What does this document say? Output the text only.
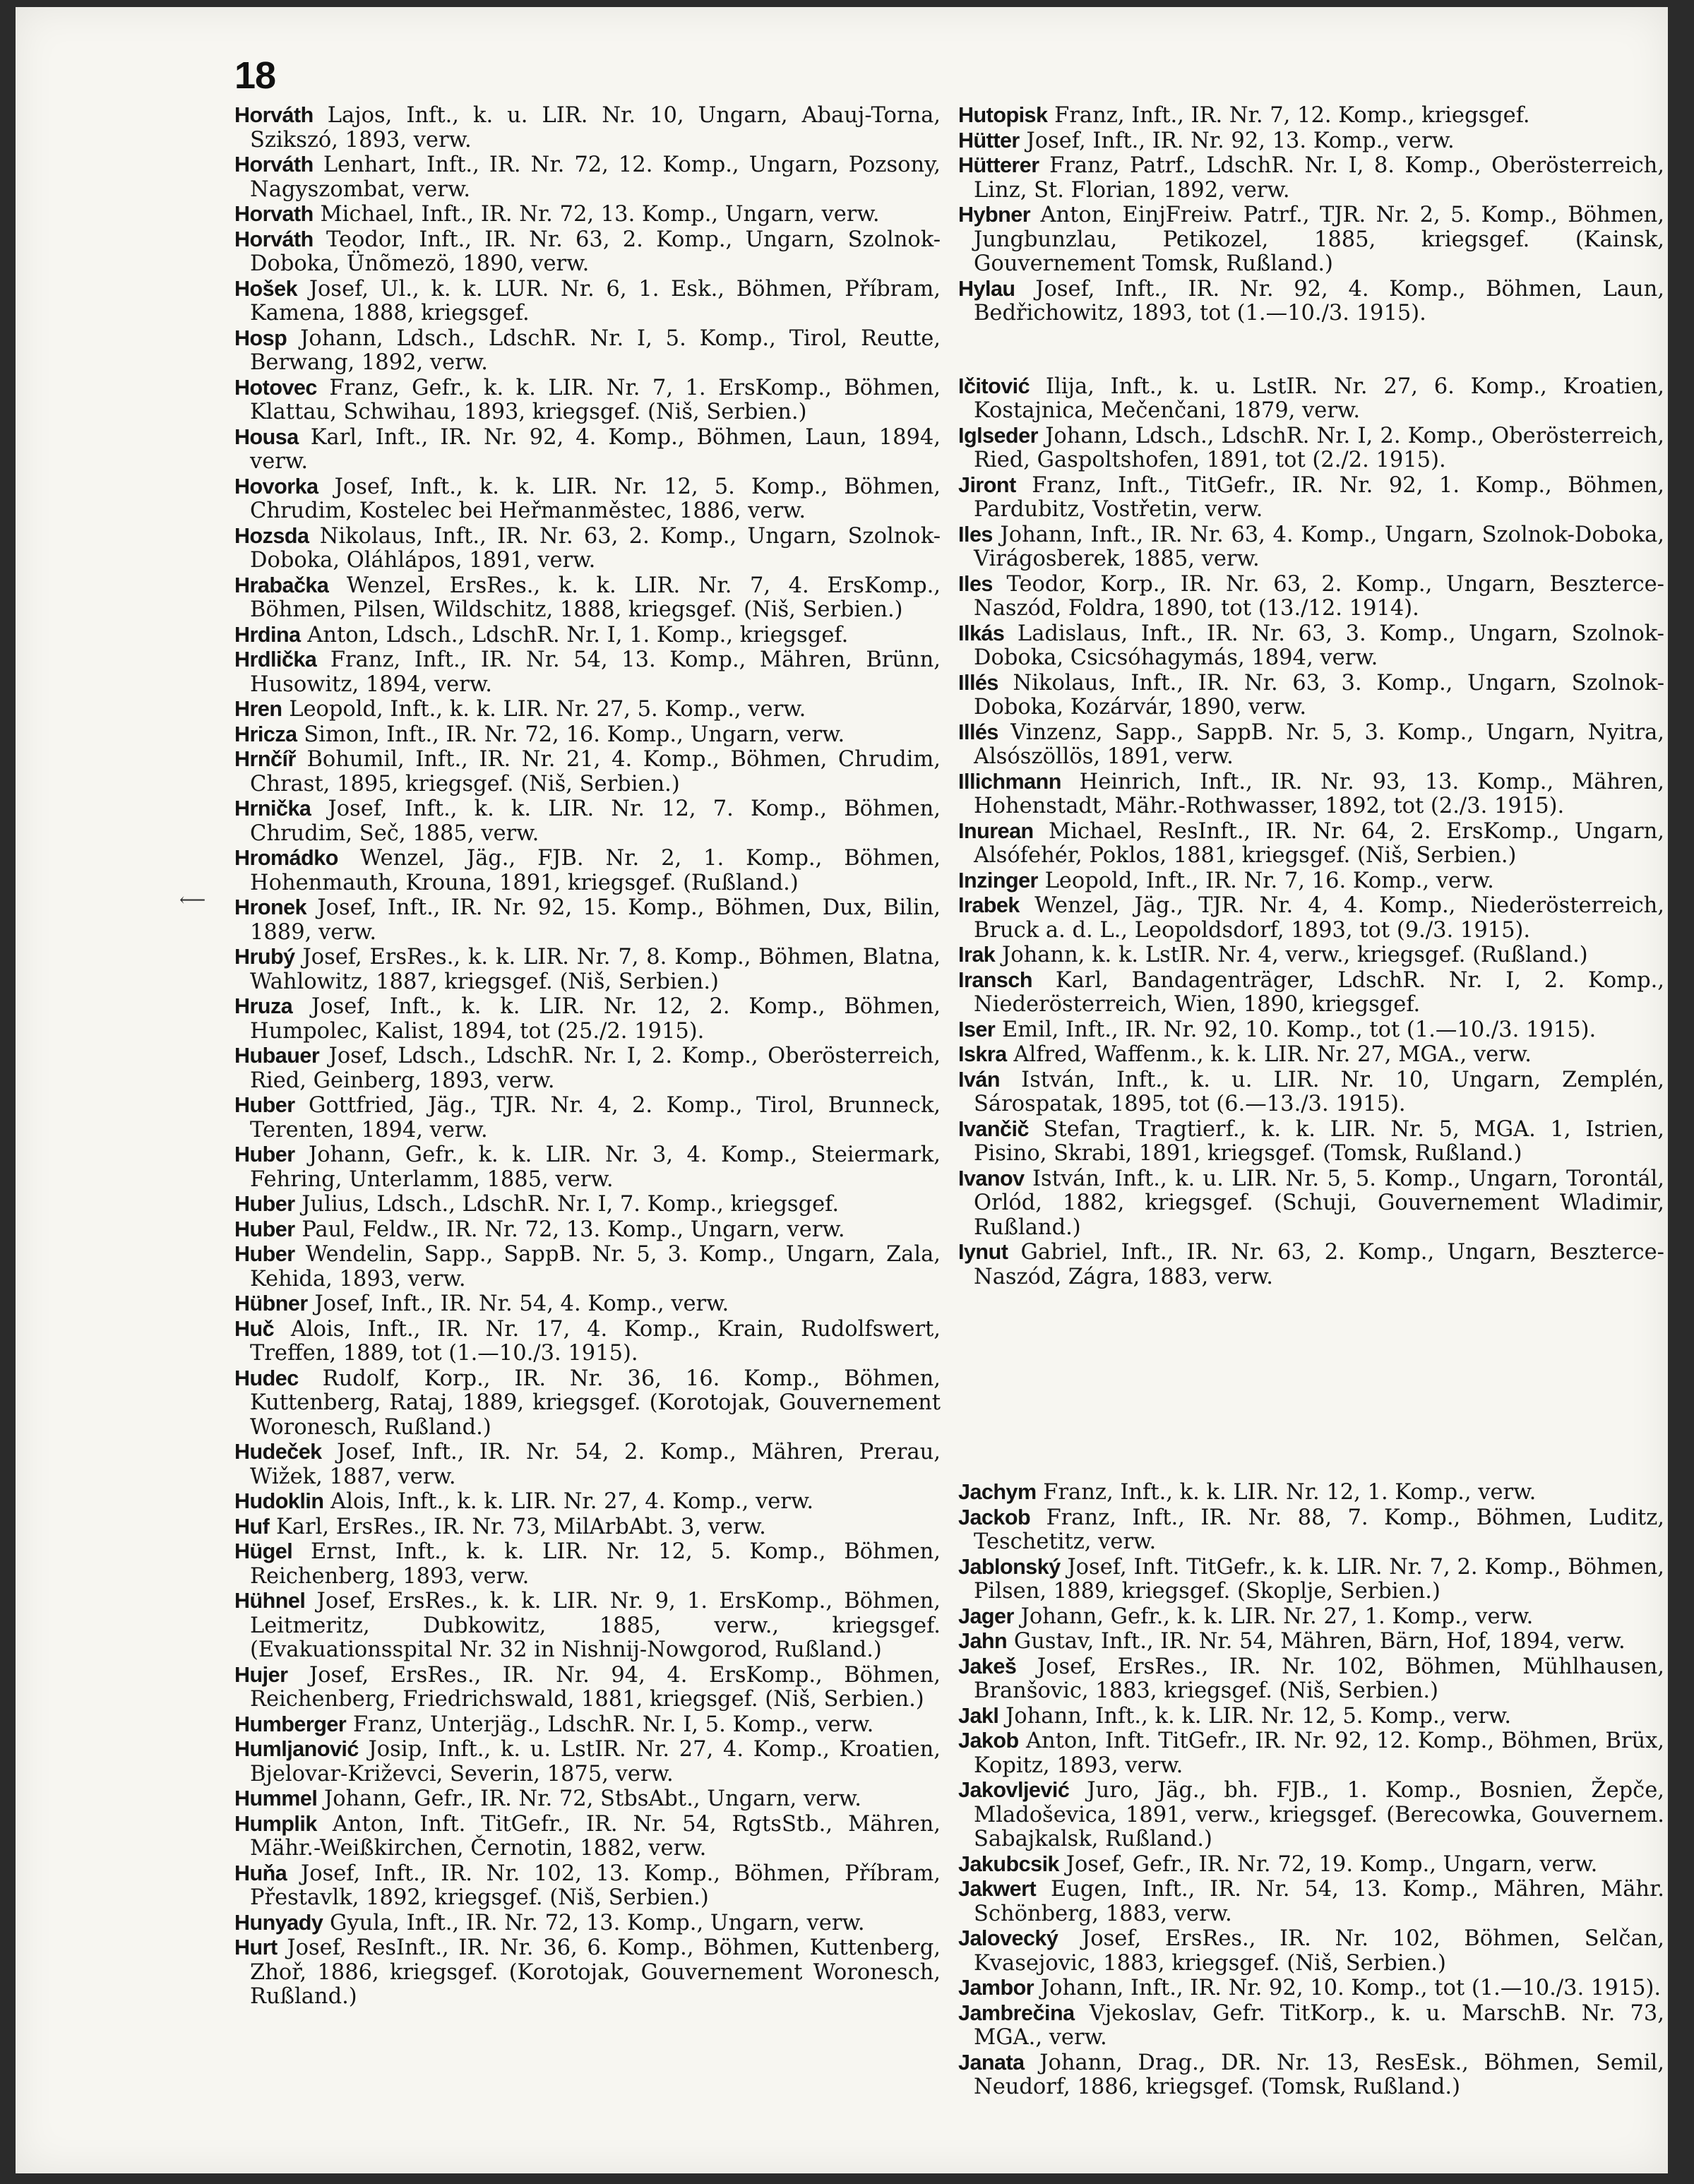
18

Horváth Lajos, Inft., k. u. LIR. Nr. 10, Ungarn, Abauj-Torna, Szikszó, 1893, verw.

Horváth Lenhart, Inft., IR. Nr. 72, 12. Komp., Ungarn, Pozsony, Nagyszombat, verw.

Horvath Michael, Inft., IR. Nr. 72, 13. Komp., Ungarn, verw.

Horváth Teodor, Inft., IR. Nr. 63, 2. Komp., Ungarn, Szolnok-Doboka, Ünõmezö, 1890, verw.

Hošek Josef, Ul., k. k. LUR. Nr. 6, 1. Esk., Böhmen, Příbram, Kamena, 1888, kriegsgef.

Hosp Johann, Ldsch., LdschR. Nr. I, 5. Komp., Tirol, Reutte, Berwang, 1892, verw.

Hotovec Franz, Gefr., k. k. LIR. Nr. 7, 1. ErsKomp., Böhmen, Klattau, Schwihau, 1893, kriegsgef. (Niš, Serbien.)

Housa Karl, Inft., IR. Nr. 92, 4. Komp., Böhmen, Laun, 1894, verw.

Hovorka Josef, Inft., k. k. LIR. Nr. 12, 5. Komp., Böhmen, Chrudim, Kostelec bei Heřmanměstec, 1886, verw.

Hozsda Nikolaus, Inft., IR. Nr. 63, 2. Komp., Ungarn, Szolnok-Doboka, Oláhlápos, 1891, verw.

Hrabačka Wenzel, ErsRes., k. k. LIR. Nr. 7, 4. ErsKomp., Böhmen, Pilsen, Wildschitz, 1888, kriegsgef. (Niš, Serbien.)

Hrdina Anton, Ldsch., LdschR. Nr. I, 1. Komp., kriegsgef.

Hrdlička Franz, Inft., IR. Nr. 54, 13. Komp., Mähren, Brünn, Husowitz, 1894, verw.

Hren Leopold, Inft., k. k. LIR. Nr. 27, 5. Komp., verw.

Hricza Simon, Inft., IR. Nr. 72, 16. Komp., Ungarn, verw.

Hrnčíř Bohumil, Inft., IR. Nr. 21, 4. Komp., Böhmen, Chrudim, Chrast, 1895, kriegsgef. (Niš, Serbien.)

Hrnička Josef, Inft., k. k. LIR. Nr. 12, 7. Komp., Böhmen, Chrudim, Seč, 1885, verw.

Hromádko Wenzel, Jäg., FJB. Nr. 2, 1. Komp., Böhmen, Hohenmauth, Krouna, 1891, kriegsgef. (Rußland.)

Hronek Josef, Inft., IR. Nr. 92, 15. Komp., Böhmen, Dux, Bilin, 1889, verw.

Hrubý Josef, ErsRes., k. k. LIR. Nr. 7, 8. Komp., Böhmen, Blatna, Wahlowitz, 1887, kriegsgef. (Niš, Serbien.)

Hruza Josef, Inft., k. k. LIR. Nr. 12, 2. Komp., Böhmen, Humpolec, Kalist, 1894, tot (25./2. 1915).

Hubauer Josef, Ldsch., LdschR. Nr. I, 2. Komp., Oberösterreich, Ried, Geinberg, 1893, verw.

Huber Gottfried, Jäg., TJR. Nr. 4, 2. Komp., Tirol, Brunneck, Terenten, 1894, verw.

Huber Johann, Gefr., k. k. LIR. Nr. 3, 4. Komp., Steiermark, Fehring, Unterlamm, 1885, verw.

Huber Julius, Ldsch., LdschR. Nr. I, 7. Komp., kriegsgef.

Huber Paul, Feldw., IR. Nr. 72, 13. Komp., Ungarn, verw.

Huber Wendelin, Sapp., SappB. Nr. 5, 3. Komp., Ungarn, Zala, Kehida, 1893, verw.

Hübner Josef, Inft., IR. Nr. 54, 4. Komp., verw.

Huč Alois, Inft., IR. Nr. 17, 4. Komp., Krain, Rudolfswert, Treffen, 1889, tot (1.—10./3. 1915).

Hudec Rudolf, Korp., IR. Nr. 36, 16. Komp., Böhmen, Kuttenberg, Rataj, 1889, kriegsgef. (Korotojak, Gouvernement Woronesch, Rußland.)

Hudeček Josef, Inft., IR. Nr. 54, 2. Komp., Mähren, Prerau, Wižek, 1887, verw.

Hudoklin Alois, Inft., k. k. LIR. Nr. 27, 4. Komp., verw.

Huf Karl, ErsRes., IR. Nr. 73, MilArbAbt. 3, verw.

Hügel Ernst, Inft., k. k. LIR. Nr. 12, 5. Komp., Böhmen, Reichenberg, 1893, verw.

Hühnel Josef, ErsRes., k. k. LIR. Nr. 9, 1. ErsKomp., Böhmen, Leitmeritz, Dubkowitz, 1885, verw., kriegsgef. (Evakuationsspital Nr. 32 in Nishnij-Nowgorod, Rußland.)

Hujer Josef, ErsRes., IR. Nr. 94, 4. ErsKomp., Böhmen, Reichenberg, Friedrichswald, 1881, kriegsgef. (Niš, Serbien.)

Humberger Franz, Unterjäg., LdschR. Nr. I, 5. Komp., verw.

Humljanović Josip, Inft., k. u. LstIR. Nr. 27, 4. Komp., Kroatien, Bjelovar-Križevci, Severin, 1875, verw.

Hummel Johann, Gefr., IR. Nr. 72, StbsAbt., Ungarn, verw.

Humplik Anton, Inft. TitGefr., IR. Nr. 54, RgtsStb., Mähren, Mähr.-Weißkirchen, Černotin, 1882, verw.

Huňa Josef, Inft., IR. Nr. 102, 13. Komp., Böhmen, Příbram, Přestavlk, 1892, kriegsgef. (Niš, Serbien.)

Hunyady Gyula, Inft., IR. Nr. 72, 13. Komp., Ungarn, verw.

Hurt Josef, ResInft., IR. Nr. 36, 6. Komp., Böhmen, Kuttenberg, Zhoř, 1886, kriegsgef. (Korotojak, Gouvernement Woronesch, Rußland.)

Hutopisk Franz, Inft., IR. Nr. 7, 12. Komp., kriegsgef.

Hütter Josef, Inft., IR. Nr. 92, 13. Komp., verw.

Hütterer Franz, Patrf., LdschR. Nr. I, 8. Komp., Oberösterreich, Linz, St. Florian, 1892, verw.

Hybner Anton, EinjFreiw. Patrf., TJR. Nr. 2, 5. Komp., Böhmen, Jungbunzlau, Petikozel, 1885, kriegsgef. (Kainsk, Gouvernement Tomsk, Rußland.)

Hylau Josef, Inft., IR. Nr. 92, 4. Komp., Böhmen, Laun, Bedřichowitz, 1893, tot (1.—10./3. 1915).

Ičitović Ilija, Inft., k. u. LstIR. Nr. 27, 6. Komp., Kroatien, Kostajnica, Mečenčani, 1879, verw.

Iglseder Johann, Ldsch., LdschR. Nr. I, 2. Komp., Oberösterreich, Ried, Gaspoltshofen, 1891, tot (2./2. 1915).

Jiront Franz, Inft., TitGefr., IR. Nr. 92, 1. Komp., Böhmen, Pardubitz, Vostřetin, verw.

Iles Johann, Inft., IR. Nr. 63, 4. Komp., Ungarn, Szolnok-Doboka, Virágosberek, 1885, verw.

Iles Teodor, Korp., IR. Nr. 63, 2. Komp., Ungarn, Beszterce-Naszód, Foldra, 1890, tot (13./12. 1914).

Ilkás Ladislaus, Inft., IR. Nr. 63, 3. Komp., Ungarn, Szolnok-Doboka, Csicsóhagymás, 1894, verw.

Illés Nikolaus, Inft., IR. Nr. 63, 3. Komp., Ungarn, Szolnok-Doboka, Kozárvár, 1890, verw.

Illés Vinzenz, Sapp., SappB. Nr. 5, 3. Komp., Ungarn, Nyitra, Alsószöllös, 1891, verw.

Illichmann Heinrich, Inft., IR. Nr. 93, 13. Komp., Mähren, Hohenstadt, Mähr.-Rothwasser, 1892, tot (2./3. 1915).

Inurean Michael, ResInft., IR. Nr. 64, 2. ErsKomp., Ungarn, Alsófehér, Poklos, 1881, kriegsgef. (Niš, Serbien.)

Inzinger Leopold, Inft., IR. Nr. 7, 16. Komp., verw.

Irabek Wenzel, Jäg., TJR. Nr. 4, 4. Komp., Niederösterreich, Bruck a. d. L., Leopoldsdorf, 1893, tot (9./3. 1915).

Irak Johann, k. k. LstIR. Nr. 4, verw., kriegsgef. (Rußland.)

Iransch Karl, Bandagenträger, LdschR. Nr. I, 2. Komp., Niederösterreich, Wien, 1890, kriegsgef.

Iser Emil, Inft., IR. Nr. 92, 10. Komp., tot (1.—10./3. 1915).

Iskra Alfred, Waffenm., k. k. LIR. Nr. 27, MGA., verw.

Iván István, Inft., k. u. LIR. Nr. 10, Ungarn, Zemplén, Sárospatak, 1895, tot (6.—13./3. 1915).

Ivančič Stefan, Tragtierf., k. k. LIR. Nr. 5, MGA. 1, Istrien, Pisino, Skrabi, 1891, kriegsgef. (Tomsk, Rußland.)

Ivanov István, Inft., k. u. LIR. Nr. 5, 5. Komp., Ungarn, Torontál, Orlód, 1882, kriegsgef. (Schuji, Gouvernement Wladimir, Rußland.)

Iynut Gabriel, Inft., IR. Nr. 63, 2. Komp., Ungarn, Beszterce-Naszód, Zágra, 1883, verw.

Jachym Franz, Inft., k. k. LIR. Nr. 12, 1. Komp., verw.

Jackob Franz, Inft., IR. Nr. 88, 7. Komp., Böhmen, Luditz, Teschetitz, verw.

Jablonský Josef, Inft. TitGefr., k. k. LIR. Nr. 7, 2. Komp., Böhmen, Pilsen, 1889, kriegsgef. (Skoplje, Serbien.)

Jager Johann, Gefr., k. k. LIR. Nr. 27, 1. Komp., verw.

Jahn Gustav, Inft., IR. Nr. 54, Mähren, Bärn, Hof, 1894, verw.

Jakeš Josef, ErsRes., IR. Nr. 102, Böhmen, Mühlhausen, Branšovic, 1883, kriegsgef. (Niš, Serbien.)

Jakl Johann, Inft., k. k. LIR. Nr. 12, 5. Komp., verw.

Jakob Anton, Inft. TitGefr., IR. Nr. 92, 12. Komp., Böhmen, Brüx, Kopitz, 1893, verw.

Jakovljević Juro, Jäg., bh. FJB., 1. Komp., Bosnien, Žepče, Mladoševica, 1891, verw., kriegsgef. (Berecowka, Gouvernem. Sabajkalsk, Rußland.)

Jakubcsik Josef, Gefr., IR. Nr. 72, 19. Komp., Ungarn, verw.

Jakwert Eugen, Inft., IR. Nr. 54, 13. Komp., Mähren, Mähr. Schönberg, 1883, verw.

Jalovecký Josef, ErsRes., IR. Nr. 102, Böhmen, Selčan, Kvasejovic, 1883, kriegsgef. (Niš, Serbien.)

Jambor Johann, Inft., IR. Nr. 92, 10. Komp., tot (1.—10./3. 1915).

Jambrečina Vjekoslav, Gefr. TitKorp., k. u. MarschB. Nr. 73, MGA., verw.

Janata Johann, Drag., DR. Nr. 13, ResEsk., Böhmen, Semil, Neudorf, 1886, kriegsgef. (Tomsk, Rußland.)

⟵
